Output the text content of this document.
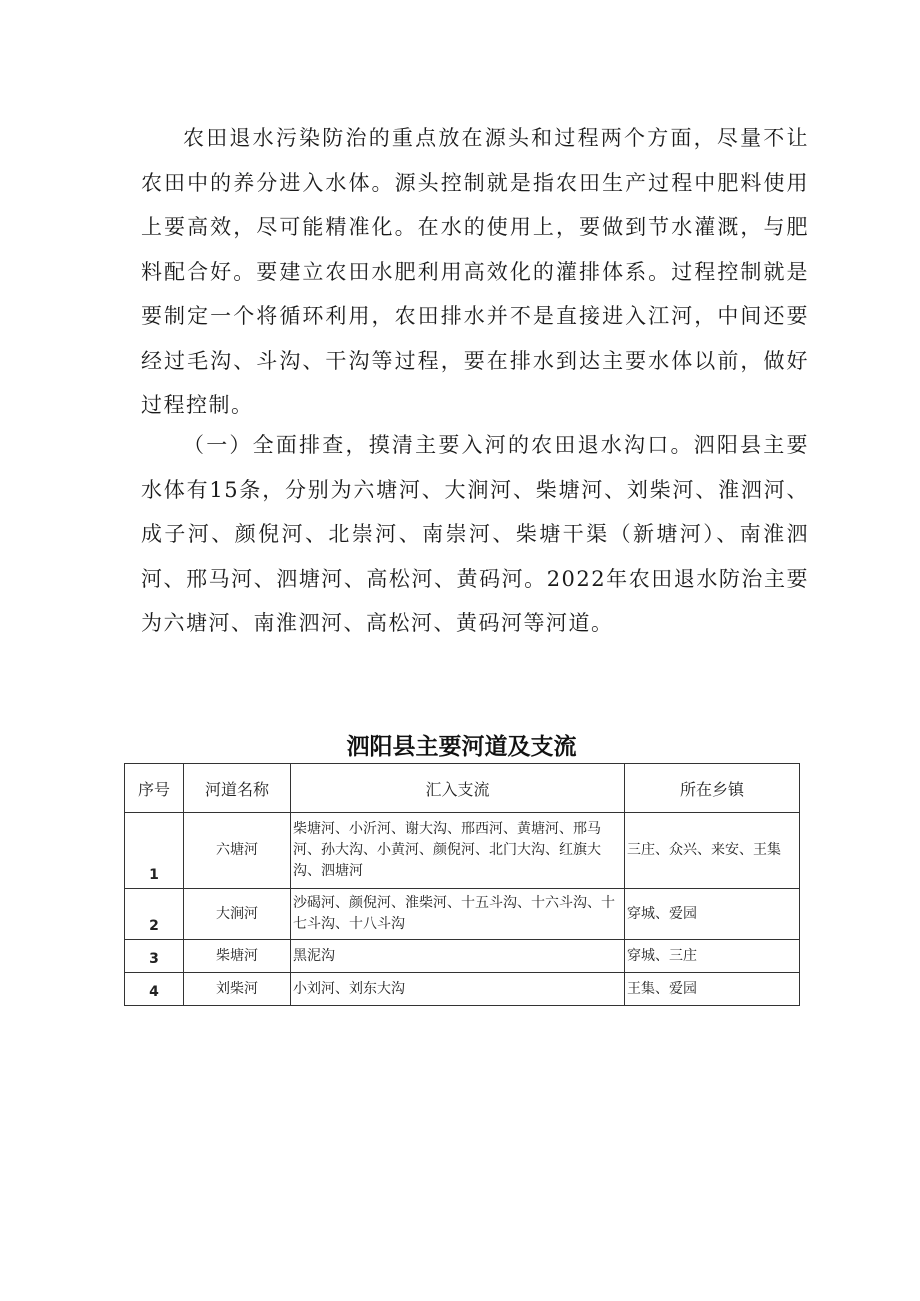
农田退水污染防治的重点放在源头和过程两个方面，尽量不让农田中的养分进入水体。源头控制就是指农田生产过程中肥料使用上要高效，尽可能精准化。在水的使用上，要做到节水灌溉，与肥料配合好。要建立农田水肥利用高效化的灌排体系。过程控制就是要制定一个将循环利用，农田排水并不是直接进入江河，中间还要经过毛沟、斗沟、干沟等过程，要在排水到达主要水体以前，做好过程控制。

（一）全面排查，摸清主要入河的农田退水沟口。泗阳县主要水体有15条，分别为六塘河、大涧河、柴塘河、刘柴河、淮泗河、成子河、颜倪河、北崇河、南崇河、柴塘干渠（新塘河）、南淮泗河、邢马河、泗塘河、高松河、黄码河。2022年农田退水防治主要为六塘河、南淮泗河、高松河、黄码河等河道。

泗阳县主要河道及支流
序号	河道名称	汇入支流	所在乡镇
1	六塘河	柴塘河、小沂河、谢大沟、邢西河、黄塘河、邢马河、孙大沟、小黄河、颜倪河、北门大沟、红旗大沟、泗塘河	三庄、众兴、来安、王集
2	大涧河	沙碣河、颜倪河、淮柴河、十五斗沟、十六斗沟、十七斗沟、十八斗沟	穿城、爱园
3	柴塘河	黑泥沟	穿城、三庄
4	刘柴河	小刘河、刘东大沟	王集、爱园
